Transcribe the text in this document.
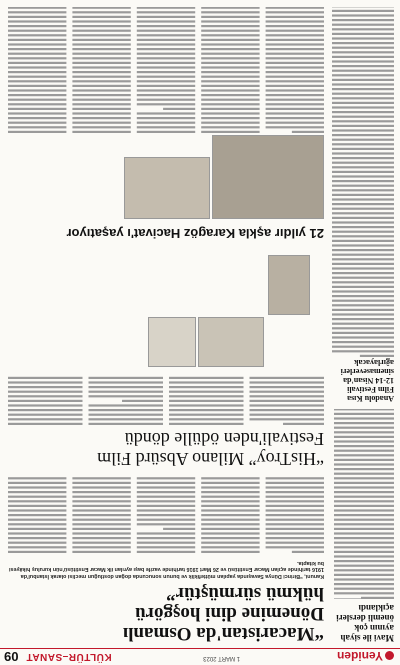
Yeniden
1 MART 2023
KÜLTÜR–SANAT
09
Mavi ile siyah
ayının çok
önemli dersleri
açıklandı
“Macaristan'da Osmanlı
Dönemine dini hoşgörü
hükmü sürmüştür”
Kanuni, “Birinci Dünya Savaşında yapılan müttefiklik ve bunun sonucunda doğan dostluğun meclisi olarak İstanbul'da 1916 tarihinde açılan Macar Enstitüsü ve 26 Mart 1916 tarihinde vazife başı ayrılan ilk Macar Enstitüsü'nün kuruluş hikâyesi bu kitapta.
Anadolu Kısa
Film Festivali
12-14 Nisan'da
sinemaseverleri
ağırlayacak
“HisTroy” Milano Absürd Film
Festivali'nden ödülle döndü
21 yıldır aşkla Karagöz Hacivat'ı yaşatıyor
